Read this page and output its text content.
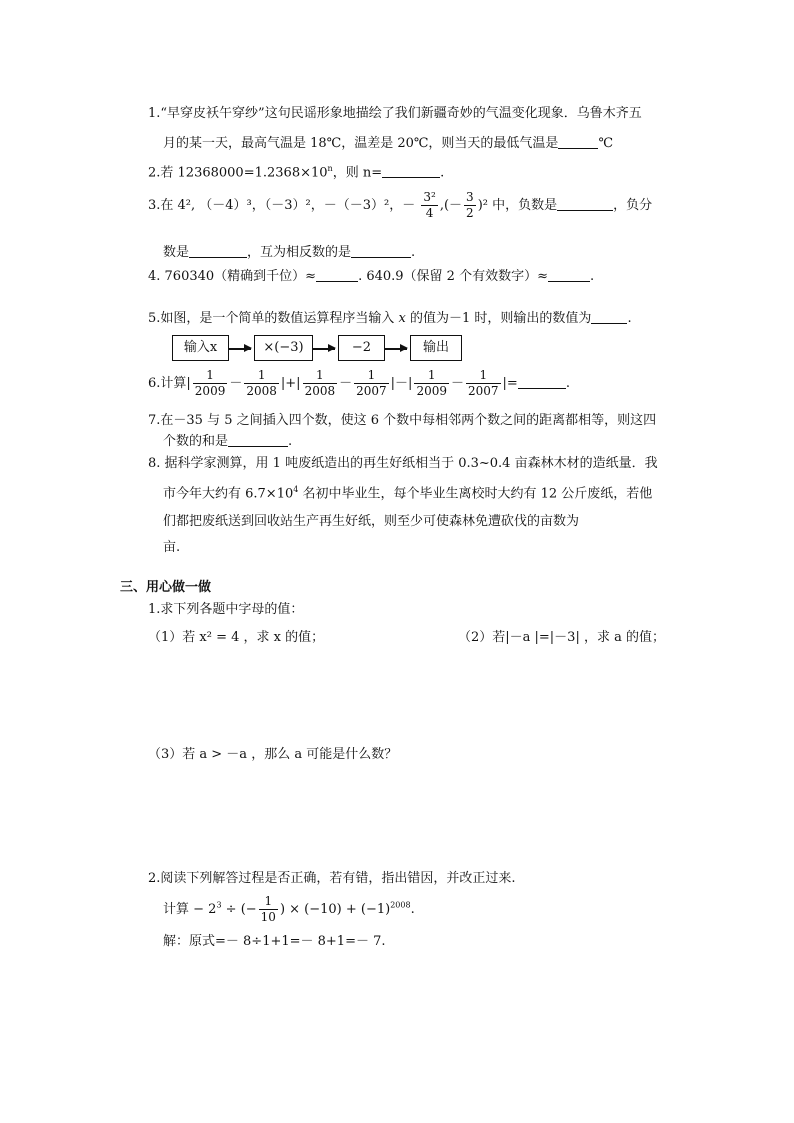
1.“早穿皮袄午穿纱”这句民谣形象地描绘了我们新疆奇妙的气温变化现象．乌鲁木齐五
月的某一天，最高气温是 18℃，温差是 20℃，则当天的最低气温是	℃
2.若 $12368000=1.2368\times 10^n$，则 n=	.
3.在 4², （－4）³，（－3）²，－（－3）²，－ $\frac{\text{3²}}{4}$ ,(－ $\frac{3}{2} )^2$ 中，负数是	，负分
数是	，互为相反数的是	.
4. 760340（精确到千位）≈	. 640.9（保留 2 个有效数字）≈	.
5.如图，是一个简单的数值运算程序当输入 x 的值为－1 时，则输出的数值为	.
输入x	×(−3)	−2	输出
6.计算| $\frac{1}{2009} - \frac{1}{2008}$ |+| $\frac{1}{2008} - \frac{1}{2007}$ |－| $\frac{1}{2009} - \frac{1}{2007}$ |=	.
7.在－35 与 5 之间插入四个数，使这 6 个数中每相邻两个数之间的距离都相等，则这四
个数的和是	.
8. 据科学家测算，用 1 吨废纸造出的再生好纸相当于 0.3~0.4 亩森林木材的造纸量．我
市今年大约有 $6.7\times 10^4$ 名初中毕业生，每个毕业生离校时大约有 12 公斤废纸，若他
们都把废纸送到回收站生产再生好纸，则至少可使森林免遭砍伐的亩数为
亩.
三、用心做一做
1.求下列各题中字母的值：
（1）若 x² = 4 ，求 x 的值；	（2）若|－a |=|－3| ，求 a 的值；
（3）若 a > －a ，那么 a 可能是什么数？
2.阅读下列解答过程是否正确，若有错，指出错因，并改正过来.
计算 − $2^3$ ÷ (− $\frac{1}{10}$ ) × $(-10) + (-1)^{2008}$.
解：原式=－ 8÷1+1=－ 8+1=－ 7.
